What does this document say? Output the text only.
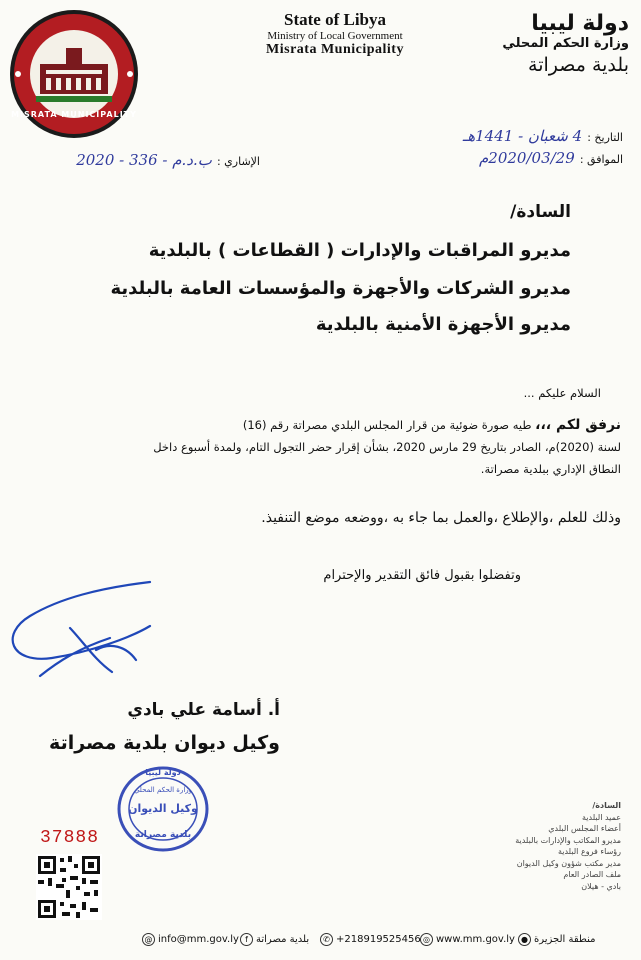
MISRATA MUNICIPALITY
State of Libya
Ministry of Local Government
Misrata Municipality
دولة ليبيا
وزارة الحكم المحلي
بلدية مصراتة
التاريخ : 4 شعبان - 1441هـ
الموافق : 2020/03/29م
الإشاري : ب.د.م - 336 - 2020
السادة/
مديرو المراقبات والإدارات ( القطاعات ) بالبلدية
مديرو الشركات والأجهزة والمؤسسات العامة بالبلدية
مديرو الأجهزة الأمنية بالبلدية
السلام عليكم ...
نرفق لكم ،،، طيه صورة ضوئية من قرار المجلس البلدي مصراتة رقم (16)
لسنة (2020)م، الصادر بتاريخ 29 مارس 2020، بشأن إقرار حضر التجول التام، ولمدة أسبوع داخل
النطاق الإداري ببلدية مصراتة.
وذلك للعلم ،والإطلاع ،والعمل بما جاء به ،ووضعه موضع التنفيذ.
وتفضلوا بقبول فائق التقدير والإحترام
أ. أسامة علي بادي
وكيل ديوان بلدية مصراتة
دولة ليبيا
وزارة الحكم المحلي
وكيل الديوان
بلدية مصراتة
37888
السادة/
عميد البلدية
أعضاء المجلس البلدي
مديرو المكاتب والإدارات بالبلدية
رؤساء فروع البلدية
مدير مكتب شؤون وكيل الديوان
ملف الصادر العام
بادي - هيلان
@ info@mm.gov.ly f بلدية مصراتة	✆ +218919525456 ◎ www.mm.gov.ly ● منطقة الجزيرة
